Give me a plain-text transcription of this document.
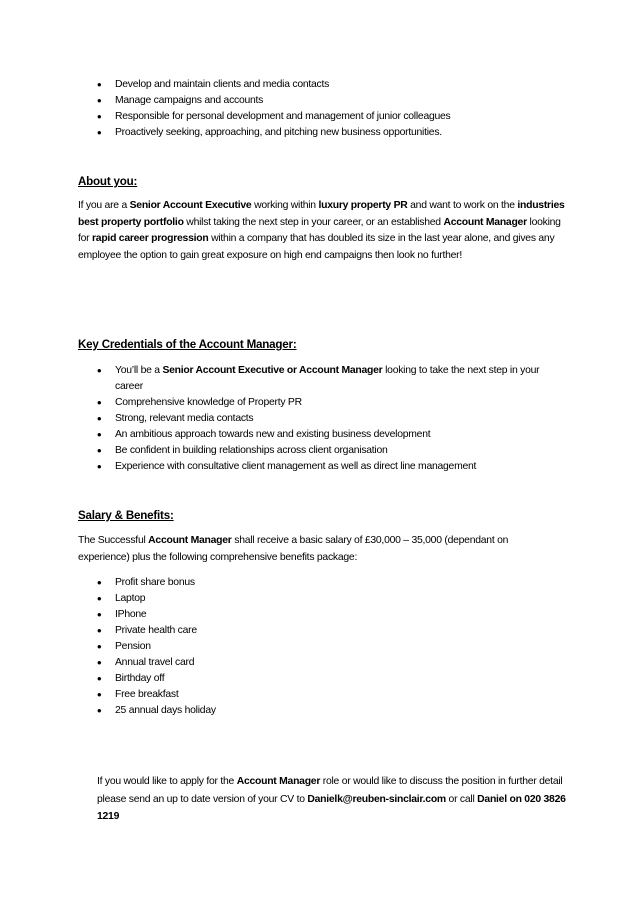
• Develop and maintain clients and media contacts
• Manage campaigns and accounts
• Responsible for personal development and management of junior colleagues
• Proactively seeking, approaching, and pitching new business opportunities.
About you:

If you are a Senior Account Executive working within luxury property PR and want to work on the industries best property portfolio whilst taking the next step in your career, or an established Account Manager looking for rapid career progression within a company that has doubled its size in the last year alone, and gives any employee the option to gain great exposure on high end campaigns then look no further!

Key Credentials of the Account Manager:
• You’ll be a Senior Account Executive or Account Manager looking to take the next step in your career
• Comprehensive knowledge of Property PR
• Strong, relevant media contacts
• An ambitious approach towards new and existing business development
• Be confident in building relationships across client organisation
• Experience with consultative client management as well as direct line management
Salary & Benefits:

The Successful Account Manager shall receive a basic salary of £30,000 – 35,000 (dependant on experience) plus the following comprehensive benefits package:

• Profit share bonus
• Laptop
• IPhone
• Private health care
• Pension
• Annual travel card
• Birthday off
• Free breakfast
• 25 annual days holiday

If you would like to apply for the Account Manager role or would like to discuss the position in further detail please send an up to date version of your CV to Danielk@reuben-sinclair.com or call Daniel on 020 3826 1219
